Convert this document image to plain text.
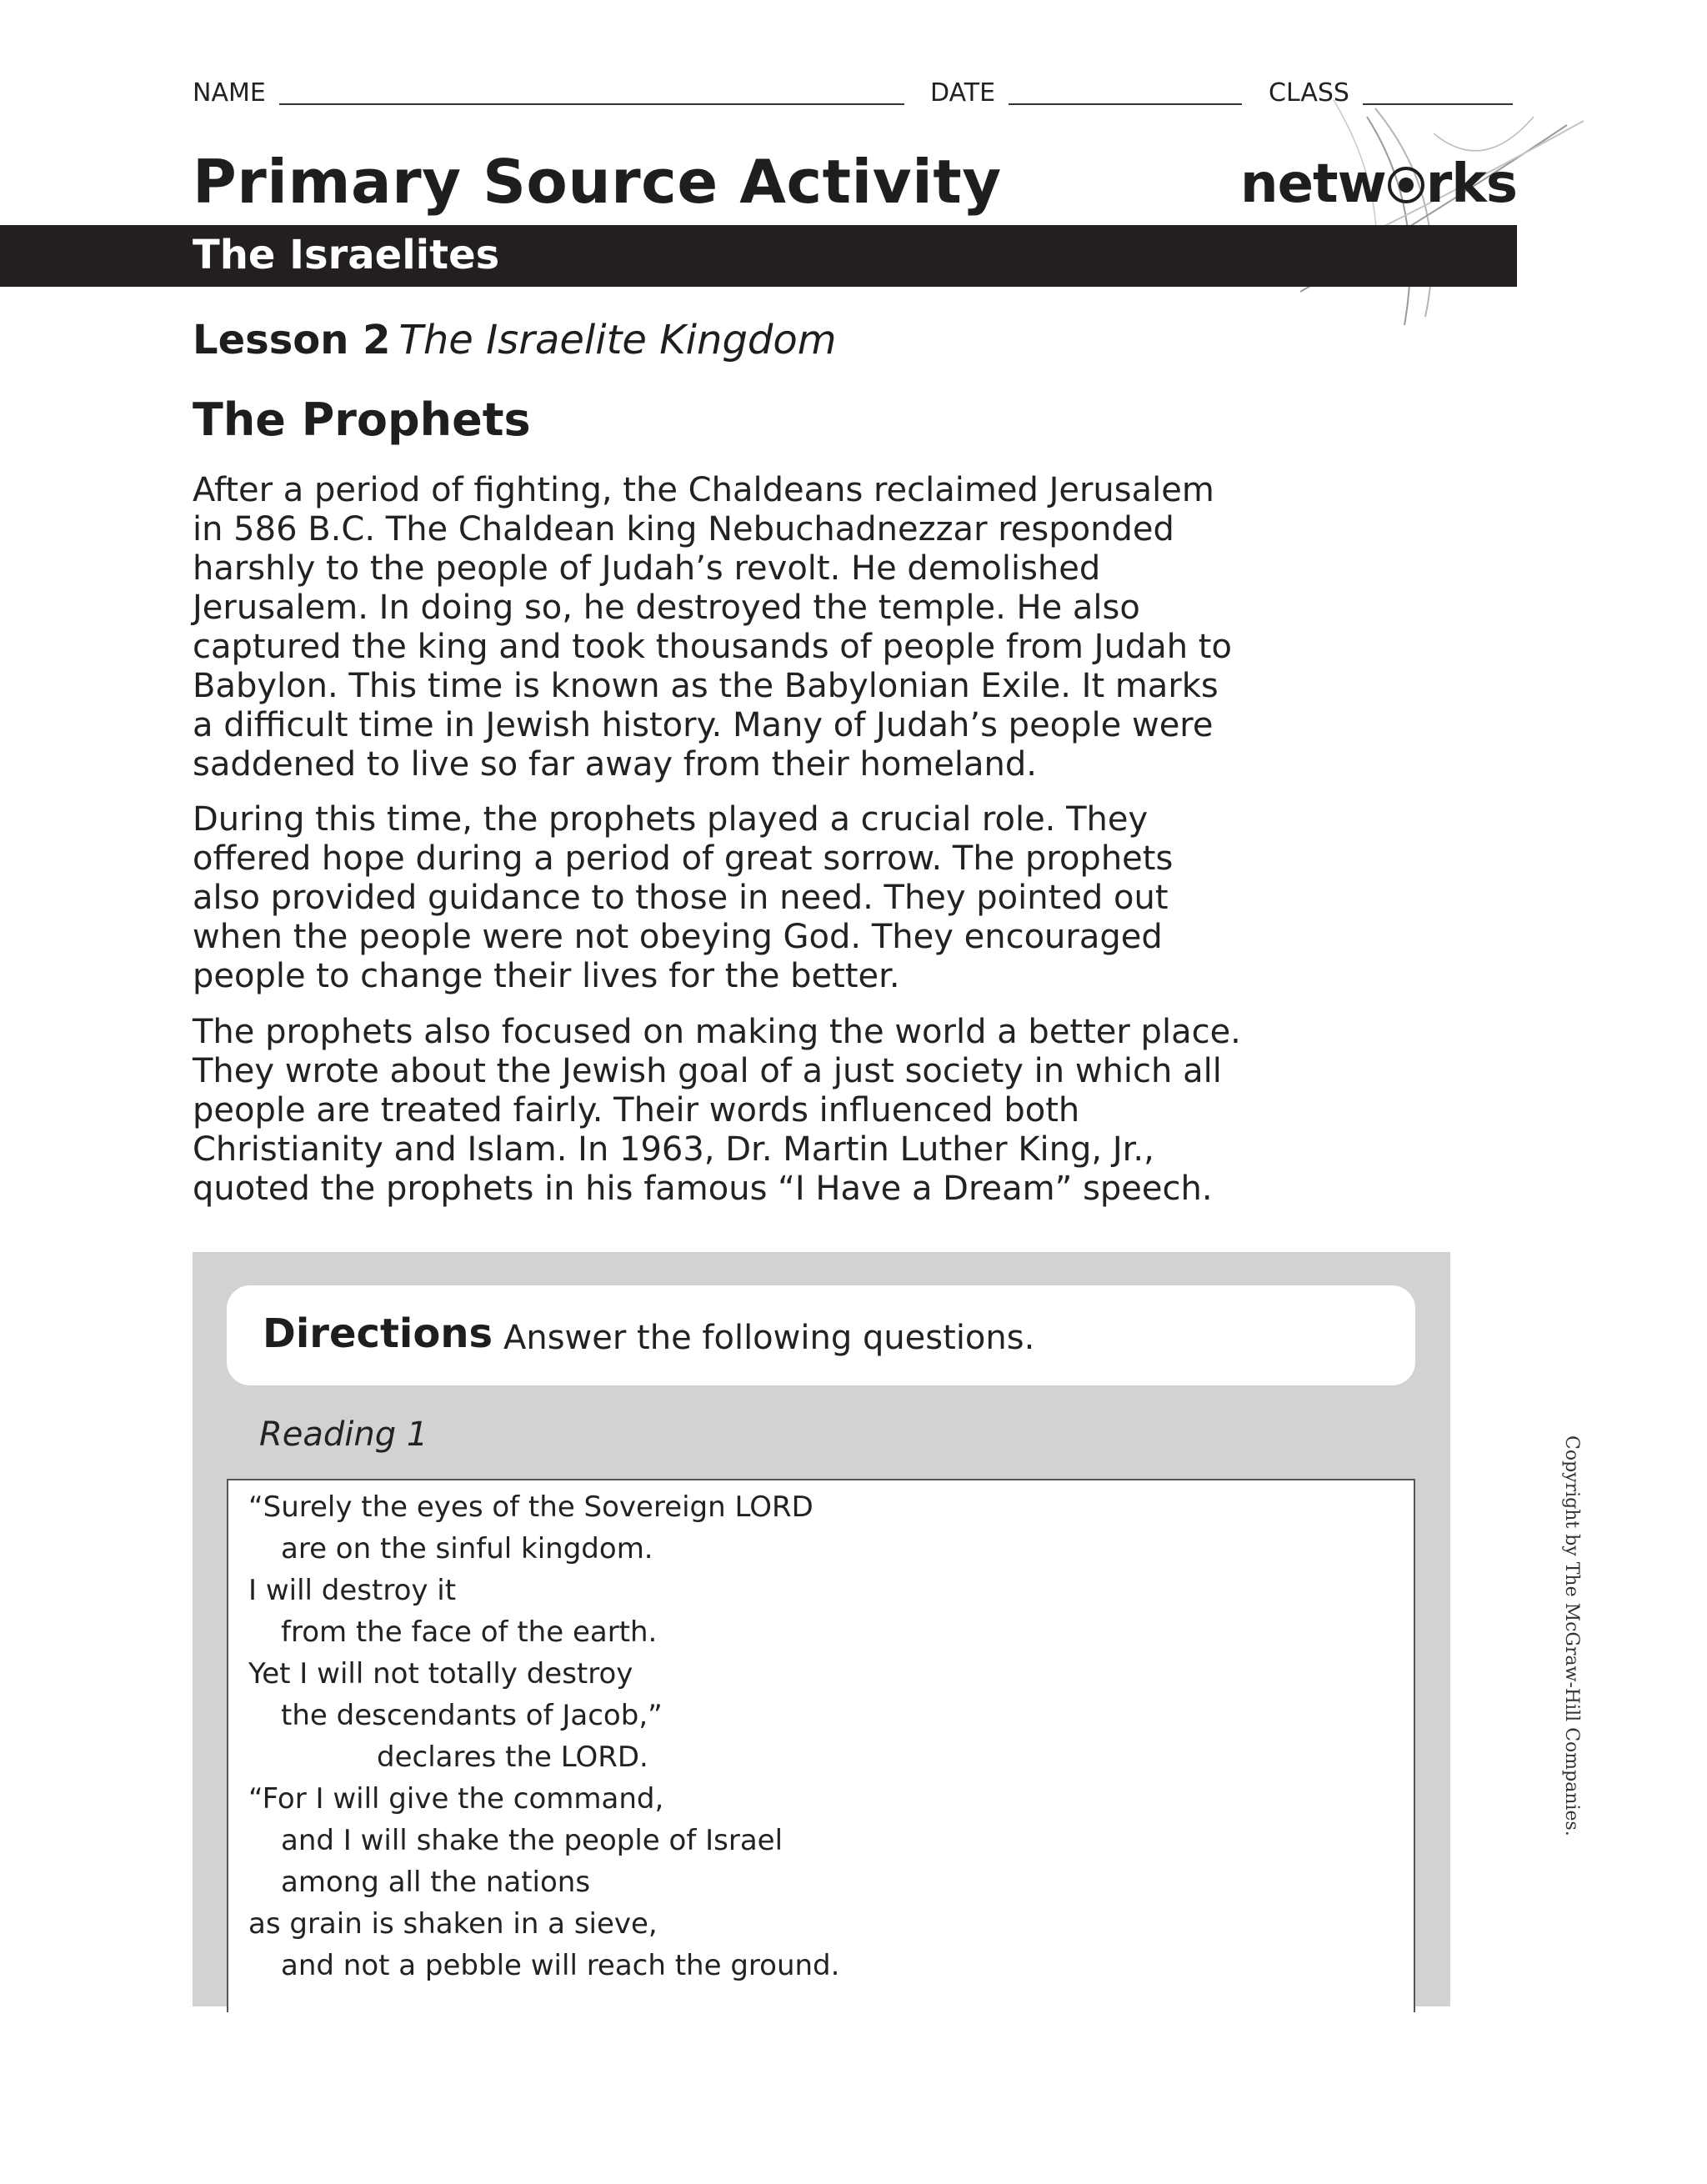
NAME	DATE	CLASS
Primary Source Activity	netw rks
The Israelites
Lesson 2 The Israelite Kingdom
The Prophets
After a period of fighting, the Chaldeans reclaimed Jerusalem
in 586 B.C. The Chaldean king Nebuchadnezzar responded
harshly to the people of Judah’s revolt. He demolished
Jerusalem. In doing so, he destroyed the temple. He also
captured the king and took thousands of people from Judah to
Babylon. This time is known as the Babylonian Exile. It marks
a difficult time in Jewish history. Many of Judah’s people were
saddened to live so far away from their homeland.
During this time, the prophets played a crucial role. They
offered hope during a period of great sorrow. The prophets
also provided guidance to those in need. They pointed out
when the people were not obeying God. They encouraged
people to change their lives for the better.
The prophets also focused on making the world a better place.
They wrote about the Jewish goal of a just society in which all
people are treated fairly. Their words influenced both
Christianity and Islam. In 1963, Dr. Martin Luther King, Jr.,
quoted the prophets in his famous “I Have a Dream” speech.
Directions Answer the following questions.
Reading 1
“Surely the eyes of the Sovereign LORD
are on the sinful kingdom.
I will destroy it
from the face of the earth.
Yet I will not totally destroy
the descendants of Jacob,”
declares the LORD.
“For I will give the command,
and I will shake the people of Israel
among all the nations
as grain is shaken in a sieve,
and not a pebble will reach the ground.
Copyright by The McGraw-Hill Companies.
